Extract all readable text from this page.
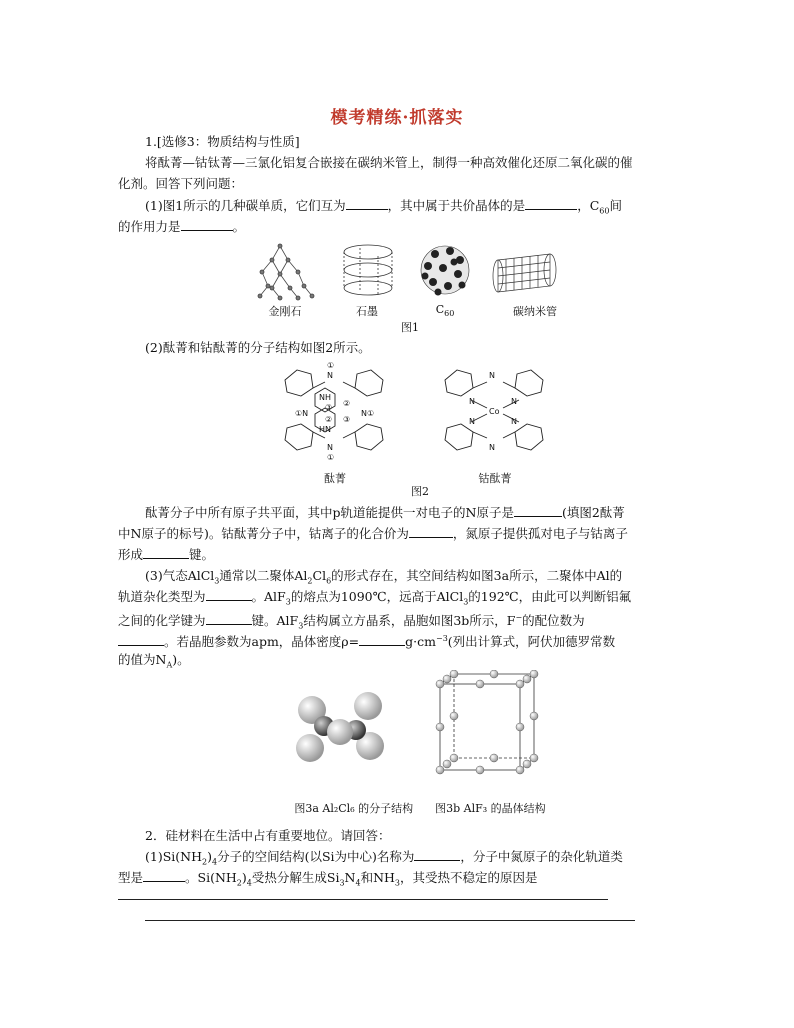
模考精练·抓落实
1.[选修3：物质结构与性质]
将酞菁—钴钛菁—三氯化铝复合嵌接在碳纳米管上，制得一种高效催化还原二氧化碳的催
化剂。回答下列问题：
(1)图1所示的几种碳单质，它们互为	，其中属于共价晶体的是	，$C_{60}$间
的作用力是	。
金刚石	石墨	$C_{60}$	碳纳米管
图1
(2)酞菁和钴酞菁的分子结构如图2所示。
①
N
NH
③
①N	N①
②
HN
N
①
②
③
N
Co
N	N
N	N
N
酞菁	钴酞菁
图2
酞菁分子中所有原子共平面，其中p轨道能提供一对电子的N原子是	(填图2酞菁
中N原子的标号)。钴酞菁分子中，钴离子的化合价为	，氮原子提供孤对电子与钴离子
形成	键。
(3)气态AlCl$_3$通常以二聚体$Al_2Cl_6$的形式存在，其空间结构如图3a所示，二聚体中Al的
轨道杂化类型为	。AlF$_3$的熔点为1090℃，远高于AlCl$_3$的192℃，由此可以判断铝氟
之间的化学键为	键。AlF$_3$结构属立方晶系，晶胞如图3b所示，F−的配位数为
。若晶胞参数为apm，晶体密度ρ=	$g\cdot cm^{-3}$(列出计算式，阿伏加德罗常数
的值为$N_A$)。
图3a Al₂Cl₆ 的分子结构　　图3b AlF₃ 的晶体结构
2．硅材料在生活中占有重要地位。请回答：
$(1)Si(NH_2)_4$分子的空间结构(以Si为中心)名称为	，分子中氮原子的杂化轨道类
型是	。$Si(NH_2)_4$受热分解生成$Si_3N_4$和$NH_3$，其受热不稳定的原因是
